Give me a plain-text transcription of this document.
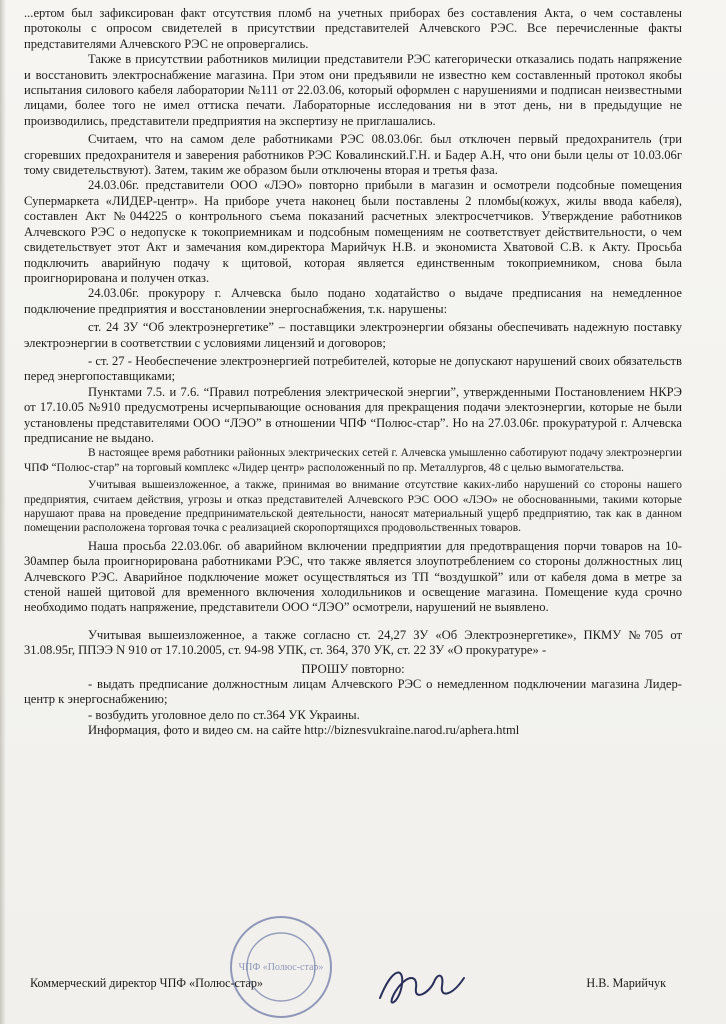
...ертом был зафиксирован факт отсутствия пломб на учетных приборах без составления Акта, о чем составлены протоколы с опросом свидетелей в присутствии представителей Алчевского РЭС. Все перечисленные факты представителями Алчевского РЭС не опровергались.

Также в присутствии работников милиции представители РЭС категорически отказались подать напряжение и восстановить электроснабжение магазина. При этом они предъявили не известно кем составленный протокол якобы испытания силового кабеля лаборатории №111 от 22.03.06, который оформлен с нарушениями и подписан неизвестными лицами, более того не имел оттиска печати. Лабораторные исследования ни в этот день, ни в предыдущие не производились, представители предприятия на экспертизу не приглашались.

Считаем, что на самом деле работниками РЭС 08.03.06г. был отключен первый предохранитель (три сгоревших предохранителя и заверения работников РЭС Ковалинский.Г.Н. и Бадер А.Н, что они были целы от 10.03.06г тому свидетельствуют). Затем, таким же образом были отключены вторая и третья фаза.

24.03.06г. представители ООО «ЛЭО» повторно прибыли в магазин и осмотрели подсобные помещения Супермаркета «ЛИДЕР-центр». На приборе учета наконец были поставлены 2 пломбы(кожух, жилы ввода кабеля), составлен Акт №044225 о контрольного съема показаний расчетных электросчетчиков. Утверждение работников Алчевского РЭС о недопуске к токоприемникам и подсобным помещениям не соответствует действительности, о чем свидетельствует этот Акт и замечания ком.директора Марийчук Н.В. и экономиста Хватовой С.В. к Акту. Просьба подключить аварийную подачу к щитовой, которая является единственным токоприемником, снова была проигнорирована и получен отказ.

24.03.06г. прокурору г. Алчевска было подано ходатайство о выдаче предписания на немедленное подключение предприятия и восстановлении энергоснабжения, т.к. нарушены:

ст. 24 ЗУ “Об электроэнергетике” – поставщики электроэнергии обязаны обеспечивать надежную поставку электроэнергии в соответствии с условиями лицензий и договоров;

- ст. 27 - Необеспечение электроэнергией потребителей, которые не допускают нарушений своих обязательств перед энергопоставщиками;

Пунктами 7.5. и 7.6. “Правил потребления электрической энергии”, утвержденными Постановлением НКРЭ от 17.10.05 №910 предусмотрены исчерпывающие основания для прекращения подачи электоэнергии, которые не были установлены представителями ООО “ЛЭО” в отношении ЧПФ “Полюс-стар”. Но на 27.03.06г. прокуратурой г. Алчевска предписание не выдано.

В настоящее время работники районных электрических сетей г. Алчевска умышленно саботируют подачу электроэнергии ЧПФ “Полюс-стар” на торговый комплекс «Лидер центр» расположенный по пр. Металлургов, 48 с целью вымогательства.

Учитывая вышеизложенное, а также, принимая во внимание отсутствие каких-либо нарушений со стороны нашего предприятия, считаем действия, угрозы и отказ представителей Алчевского РЭС ООО «ЛЭО» не обоснованными, такими которые нарушают права на проведение предпринимательской деятельности, наносят материальный ущерб предприятию, так как в данном помещении расположена торговая точка с реализацией скоропортящихся продовольственных товаров.

Наша просьба 22.03.06г. об аварийном включении предприятии для предотвращения порчи товаров на 10-30ампер была проигнорирована работниками РЭС, что также является злоупотреблением со стороны должностных лиц Алчевского РЭС. Аварийное подключение может осуществляться из ТП “воздушкой” или от кабеля дома в метре за стеной нашей щитовой для временного включения холодильников и освещение магазина. Помещение куда срочно необходимо подать напряжение, представители ООО “ЛЭО” осмотрели, нарушений не выявлено.

Учитывая вышеизложенное, а также согласно ст. 24,27 ЗУ «Об Электроэнергетике», ПКМУ №705 от 31.08.95г, ППЭЭ N 910 от 17.10.2005, ст. 94-98 УПК, ст. 364, 370 УК, ст. 22 ЗУ «О прокуратуре» -

ПРОШУ повторно:

- выдать предписание должностным лицам Алчевского РЭС о немедленном подключении магазина Лидер-центр к энергоснабжению;

- возбудить уголовное дело по ст.364 УК Украины.

Информация, фото и видео см. на сайте http://biznesvukraine.narod.ru/aphera.html

ЧПФ «Полюс-стар»
Коммерческий директор ЧПФ «Полюс-стар»	Н.В. Марийчук
